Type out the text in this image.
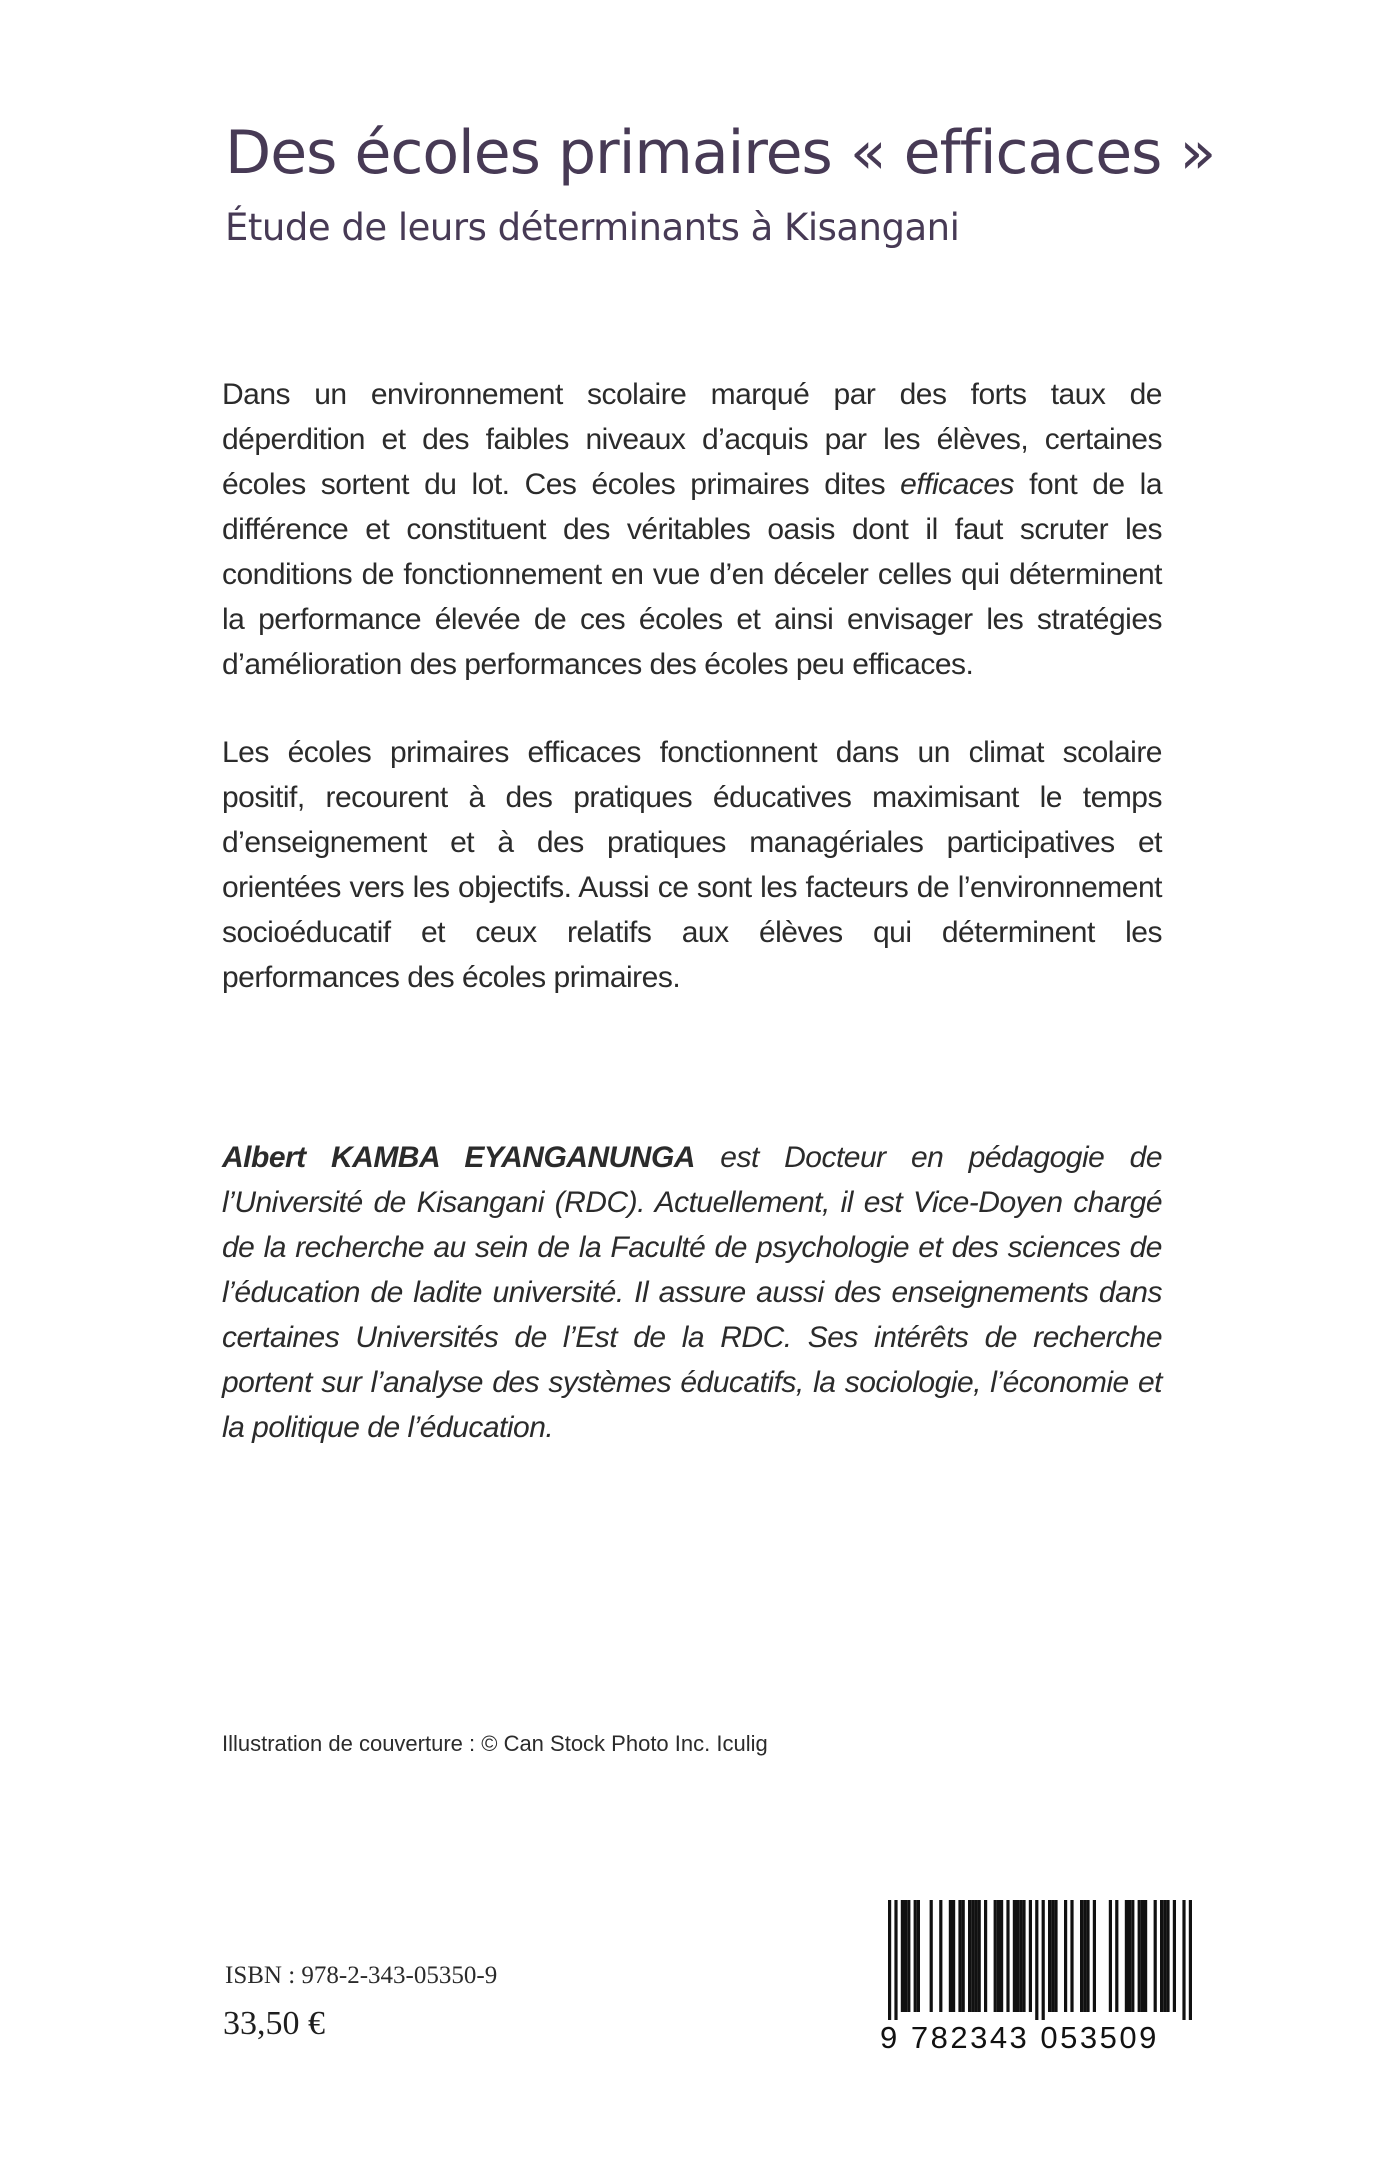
Des écoles primaires « efficaces »
Étude de leurs déterminants à Kisangani

Dans un environnement scolaire marqué par des forts taux de déperdition et des faibles niveaux d’acquis par les élèves, certaines écoles sortent du lot. Ces écoles primaires dites efficaces font de la différence et constituent des véritables oasis dont il faut scruter les conditions de fonctionnement en vue d’en déceler celles qui déterminent la performance élevée de ces écoles et ainsi envisager les stratégies d’amélioration des performances des écoles peu efficaces.

Les écoles primaires efficaces fonctionnent dans un climat scolaire positif, recourent à des pratiques éducatives maximisant le temps d’enseignement et à des pratiques managériales participatives et orientées vers les objectifs. Aussi ce sont les facteurs de l’environnement socioéducatif et ceux relatifs aux élèves qui déterminent les performances des écoles primaires.

Albert KAMBA EYANGANUNGA est Docteur en pédagogie de l’Université de Kisangani (RDC). Actuellement, il est Vice-Doyen chargé de la recherche au sein de la Faculté de psychologie et des sciences de l’éducation de ladite université. Il assure aussi des enseignements dans certaines Universités de l’Est de la RDC. Ses intérêts de recherche portent sur l’analyse des systèmes éducatifs, la sociologie, l’économie et la politique de l’éducation.

Illustration de couverture : © Can Stock Photo Inc. Iculig

ISBN : 978-2-343-05350-9

33,50 €	9 782343 053509
